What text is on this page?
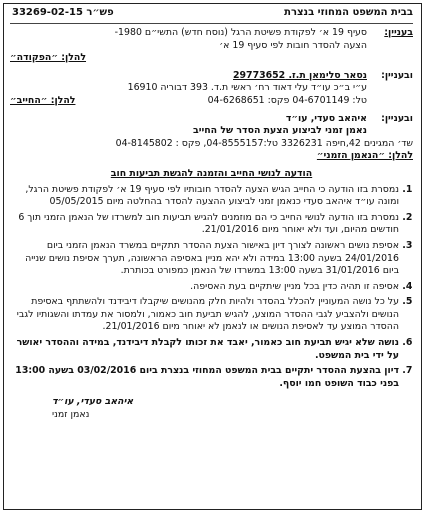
בבית המשפט המחוזי בנצרת
פש״ר 33269-02-15
בעניין:
סעיף 19 א׳ לפקודת פשיטת הרגל (נוסח חדש) התשי״ם 1980-
הצעה להסדר חובות לפי סעיף 19 א׳
להלן: ״הפקודה״
ובעניין:
נסאר סלימאן ת.ז. 29773652
ע״י ב״כ עו״ד עלי דאוד רח׳ ראשי ת.ד. 393 דבוריה 16910
טל: 04-6701149 פקס: 04-6268651
להלן: ״החייב״
ובעניין:
איהאב סעדי, עו״ד
נאמן זמני לביצוע הצעת הסדר של החייב
שד׳ המגינים 42,חיפה 3326231 טל:04-8555157, פקס : 04-8145802
להלן: ״הנאמן הזמני״
הודעה לנושי החייב והזמנה להגשת תביעות חוב
1. נמסרת בזו הודעה כי החייב הגיש הצעה להסדר חובותיו לפי סעיף 19 א׳ לפקודת פשיטת הרגל, ומונה עו״ד איהאב סעדי כנאמן זמני לביצוע ההצעה להסדר בהחלטה מיום 05/05/2015
2. נמסרת בזו הודעה לנושי החייב כי הם מוזמנים להגיש תביעות חוב למשרדו של הנאמן הזמני תוך 6 חודשים מהיום, ועד ולא יאוחר מיום 21/01/2016.
3. אסיפת נושים ראשונה לצורך דיון באישור הצעת ההסדר תתקיים במשרד הנאמן הזמני ביום 24/01/2016 בשעה 13:00 במידה ולא יהא מניין באסיפה הראשונה, תערך אסיפת נושים שנייה ביום 31/01/2016 בשעה 13:00 במשרדו של הנאמן כמפורט בכותרת.
4. אסיפה זו תהיה כדין בכל מניין שיתקיים בעת האסיפה.
5. על כל נושה המעוניין להכלל בהסדר ולהיות חלק מהנושים שיקבלו דיבידנד ולהשתתף באסיפת הנושים ולהצביע לגבי ההסדר המוצע, להגיש תביעת חוב כאמור, ולמסור את עמדתו והשגותיו לגבי ההסדר המוצע עד לאסיפת הנושים או לנאמן לא יאוחר מיום 21/01/2016.
6. נושה שלא יגיש תביעת חוב כאמור, יאבד את זכותו לקבלת דיבידנד, במידה וההסדר יאושר על ידי בית המשפט.
7. דיון בהצעת ההסדר יתקיים בבית המשפט המחוזי בנצרת ביום 03/02/2016 בשעה 13:00 בפני כבוד השופט חמו יוסף.
איהאב סעדי, עו״ד
נאמן זמני
